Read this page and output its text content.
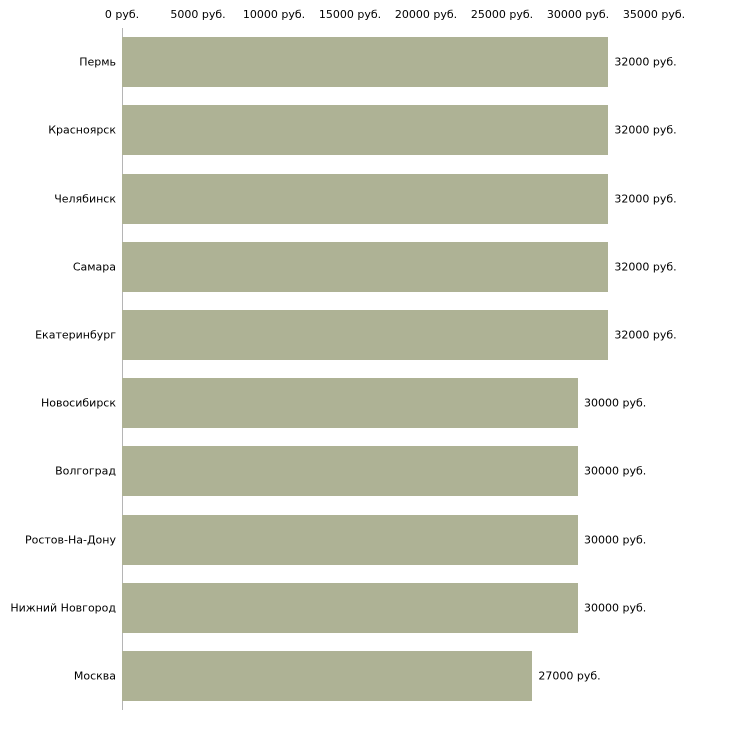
0 руб.	5000 руб. 10000 руб. 15000 руб. 20000 руб. 25000 руб. 30000 руб. 35000 руб.
32000 руб.
32000 руб.
32000 руб.
32000 руб.
32000 руб.
30000 руб.
30000 руб.
30000 руб.
30000 руб.
27000 руб.
Пермь
Красноярск
Челябинск
Самара
Екатеринбург
Новосибирск
Волгоград
Ростов-На-Дону
Нижний Новгород
Москва
